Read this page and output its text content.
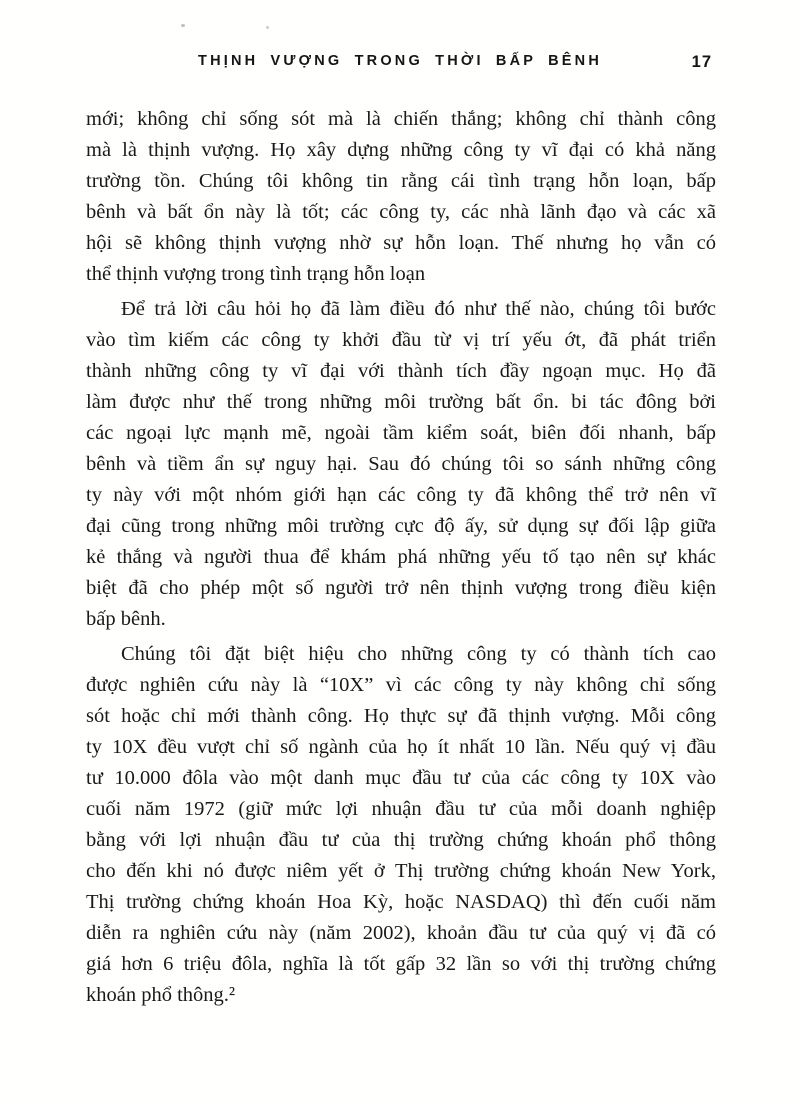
THỊNH VƯỢNG TRONG THỜI BẤP BÊNH	17
mới; không chỉ sống sót mà là chiến thắng; không chỉ thành công
mà là thịnh vượng. Họ xây dựng những công ty vĩ đại có khả năng
trường tồn. Chúng tôi không tin rằng cái tình trạng hỗn loạn, bấp
bênh và bất ổn này là tốt; các công ty, các nhà lãnh đạo và các xã
hội sẽ không thịnh vượng nhờ sự hỗn loạn. Thế nhưng họ vẫn có
thể thịnh vượng trong tình trạng hỗn loạn
Để trả lời câu hỏi họ đã làm điều đó như thế nào, chúng tôi bước
vào tìm kiếm các công ty khởi đầu từ vị trí yếu ớt, đã phát triển
thành những công ty vĩ đại với thành tích đầy ngoạn mục. Họ đã
làm được như thế trong những môi trường bất ổn. bi tác đông bởi
các ngoại lực mạnh mẽ, ngoài tầm kiểm soát, biên đối nhanh, bấp
bênh và tiềm ẩn sự nguy hại. Sau đó chúng tôi so sánh những công
ty này với một nhóm giới hạn các công ty đã không thể trở nên vĩ
đại cũng trong những môi trường cực độ ấy, sử dụng sự đối lập giữa
kẻ thắng và người thua để khám phá những yếu tố tạo nên sự khác
biệt đã cho phép một số người trở nên thịnh vượng trong điều kiện
bấp bênh.
Chúng tôi đặt biệt hiệu cho những công ty có thành tích cao
được nghiên cứu này là “10X” vì các công ty này không chỉ sống
sót hoặc chỉ mới thành công. Họ thực sự đã thịnh vượng. Mỗi công
ty 10X đều vượt chỉ số ngành của họ ít nhất 10 lần. Nếu quý vị đầu
tư 10.000 đôla vào một danh mục đầu tư của các công ty 10X vào
cuối năm 1972 (giữ mức lợi nhuận đầu tư của mỗi doanh nghiệp
bằng với lợi nhuận đầu tư của thị trường chứng khoán phổ thông
cho đến khi nó được niêm yết ở Thị trường chứng khoán New York,
Thị trường chứng khoán Hoa Kỳ, hoặc NASDAQ) thì đến cuối năm
diễn ra nghiên cứu này (năm 2002), khoản đầu tư của quý vị đã có
giá hơn 6 triệu đôla, nghĩa là tốt gấp 32 lần so với thị trường chứng
khoán phổ thông.²
